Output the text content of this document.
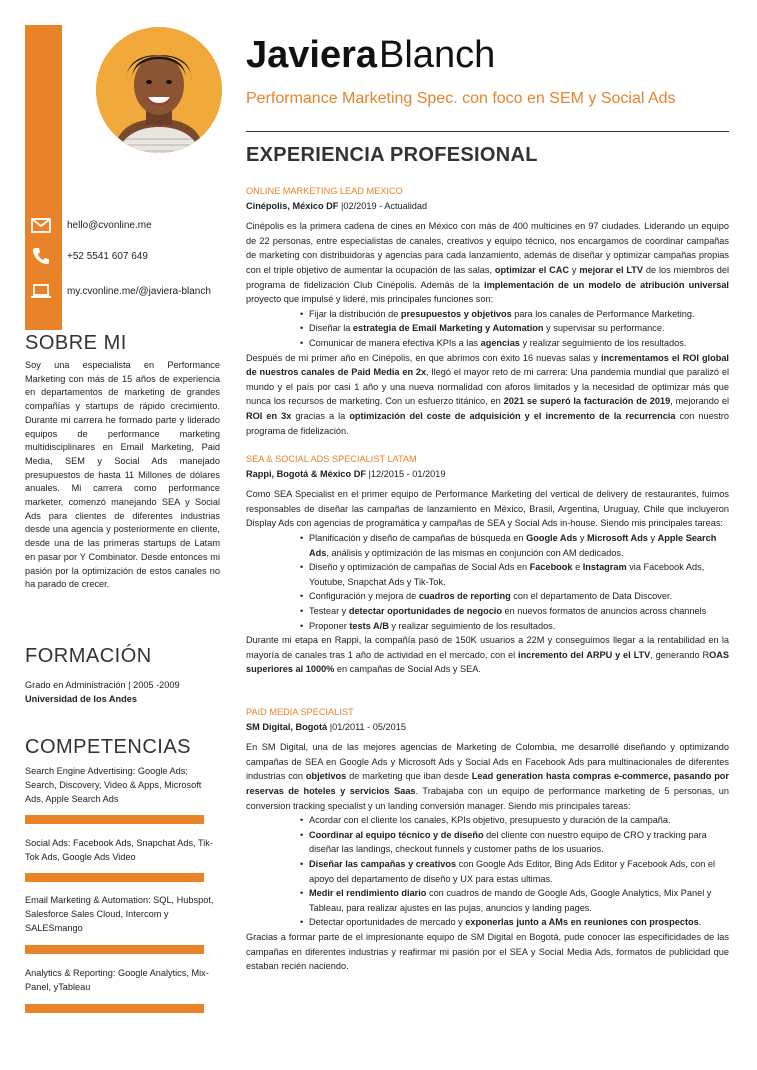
hello@cvonline.me
+52 5541 607 649
my.cvonline.me/@javiera-blanch
SOBRE MI

Soy una especialista en Performance Marketing con más de 15 años de experiencia en departamentos de marketing de grandes compañías y startups de rápido crecimiento. Durante mi carrera he formado parte y liderado equipos de performance marketing multidisciplinares en Email Marketing, Paid Media, SEM y Social Ads manejado presupuestos de hasta 11 Millones de dólares anuales. Mi carrera como performance marketer, comenzó manejando SEA y Social Ads para clientes de diferentes industrias desde una agencia y posteriormente en cliente, desde una de las primeras startups de Latam en pasar por Y Combinator. Desde entonces mi pasión por la optimización de estos canales no ha parado de crecer.

FORMACIÓN
Grado en Administración | 2005 -2009
Universidad de los Andes
COMPETENCIAS
Search Engine Advertising: Google Ads; Search, Discovery, Video & Apps, Microsoft Ads, Apple Search Ads
Social Ads: Facebook Ads, Snapchat Ads, Tik-Tok Ads, Google Ads Video
Email Marketing & Automation: SQL, Hubspot, Salesforce Sales Cloud, Intercom y SALESmango
Analytics & Reporting: Google Analytics, Mix-Panel, yTableau
JavieraBlanch
Performance Marketing Spec. con foco en SEM y Social Ads
EXPERIENCIA PROFESIONAL
ONLINE MARKETING LEAD MEXICO
Cinépolis, México DF |02/2019 - Actualidad

Cinépolis es la primera cadena de cines en México con más de 400 multicines en 97 ciudades. Liderando un equipo de 22 personas, entre especialistas de canales, creativos y equipo técnico, nos encargamos de coordinar campañas de marketing con distribuidoras y agencias para cada lanzamiento, además de diseñar y optimizar campañas propias con el triple objetivo de aumentar la ocupación de las salas, optimizar el CAC y mejorar el LTV de los miembros del programa de fidelización Club Cinépolis. Además de la implementación de un modelo de atribución universal proyecto que impulsé y lideré, mis principales funciones son:

• Fijar la distribución de presupuestos y objetivos para los canales de Performance Marketing.
• Diseñar la estrategia de Email Marketing y Automation y supervisar su performance.
• Comunicar de manera efectiva KPIs a las agencias y realizar seguimiento de los resultados.

Después de mi primer año en Cinépolis, en que abrimos con éxito 16 nuevas salas y incrementamos el ROI global de nuestros canales de Paid Media en 2x, llegó el mayor reto de mi carrera: Una pandemia mundial que paralizó el mundo y el país por casi 1 año y una nueva normalidad con aforos limitados y la necesidad de optimizar más que nunca los recursos de marketing. Con un esfuerzo titánico, en 2021 se superó la facturación de 2019, mejorando el ROI en 3x gracias a la optimización del coste de adquisición y el incremento de la recurrencia con nuestro programa de fidelización.

SEA & SOCIAL ADS SPECIALIST LATAM
Rappi, Bogotá & México DF |12/2015 - 01/2019

Como SEA Specialist en el primer equipo de Performance Marketing del vertical de delivery de restaurantes, fuimos responsables de diseñar las campañas de lanzamiento en México, Brasil, Argentina, Uruguay, Chile que incluyeron Display Ads con agencias de programática y campañas de SEA y Social Ads in-house. Siendo mis principales tareas:

• Planificación y diseño de campañas de búsqueda en Google Ads y Microsoft Ads y Apple Search Ads, análisis y optimización de las mismas en conjunción con AM dedicados.
• Diseño y optimización de campañas de Social Ads en Facebook e Instagram via Facebook Ads, Youtube, Snapchat Ads y Tik-Tok.
• Configuración y mejora de cuadros de reporting con el departamento de Data Discover.
• Testear y detectar oportunidades de negocio en nuevos formatos de anuncios across channels
• Proponer tests A/B y realizar seguimiento de los resultados.

Durante mi etapa en Rappi, la compañía pasó de 150K usuarios a 22M y conseguimos llegar a la rentabilidad en la mayoría de canales tras 1 año de actividad en el mercado, con el incremento del ARPU y el LTV, generando ROAS superiores al 1000% en campañas de Social Ads y SEA.

PAID MEDIA SPECIALIST
SM Digital, Bogotá |01/2011 - 05/2015

En SM Digital, una de las mejores agencias de Marketing de Colombia, me desarrollé diseñando y optimizando campañas de SEA en Google Ads y Microsoft Ads y Social Ads en Facebook Ads para multinacionales de diferentes industrias con objetivos de marketing que iban desde Lead generation hasta compras e-commerce, pasando por reservas de hoteles y servicios Saas. Trabajaba con un equipo de performance marketing de 5 personas, un conversion tracking specialist y un landing conversión manager. Siendo mis principales tareas:

• Acordar con el cliente los canales, KPIs objetivo, presupuesto y duración de la campaña.
• Coordinar al equipo técnico y de diseño del cliente con nuestro equipo de CRO y tracking para diseñar las landings, checkout funnels y customer paths de los usuarios.
• Diseñar las campañas y creativos con Google Ads Editor, Bing Ads Editor y Facebook Ads, con el apoyo del departamento de diseño y UX para estas ultimas.
• Medir el rendimiento diario con cuadros de mando de Google Ads, Google Analytics, Mix Panel y Tableau, para realizar ajustes en las pujas, anuncios y landing pages.
• Detectar oportunidades de mercado y exponerlas junto a AMs en reuniones con prospectos.

Gracias a formar parte de el impresionante equipo de SM Digital en Bogotá, pude conocer las especificidades de las campañas en diferentes industrias y reafirmar mi pasión por el SEA y Social Media Ads, formatos de publicidad que estaban recién naciendo.
